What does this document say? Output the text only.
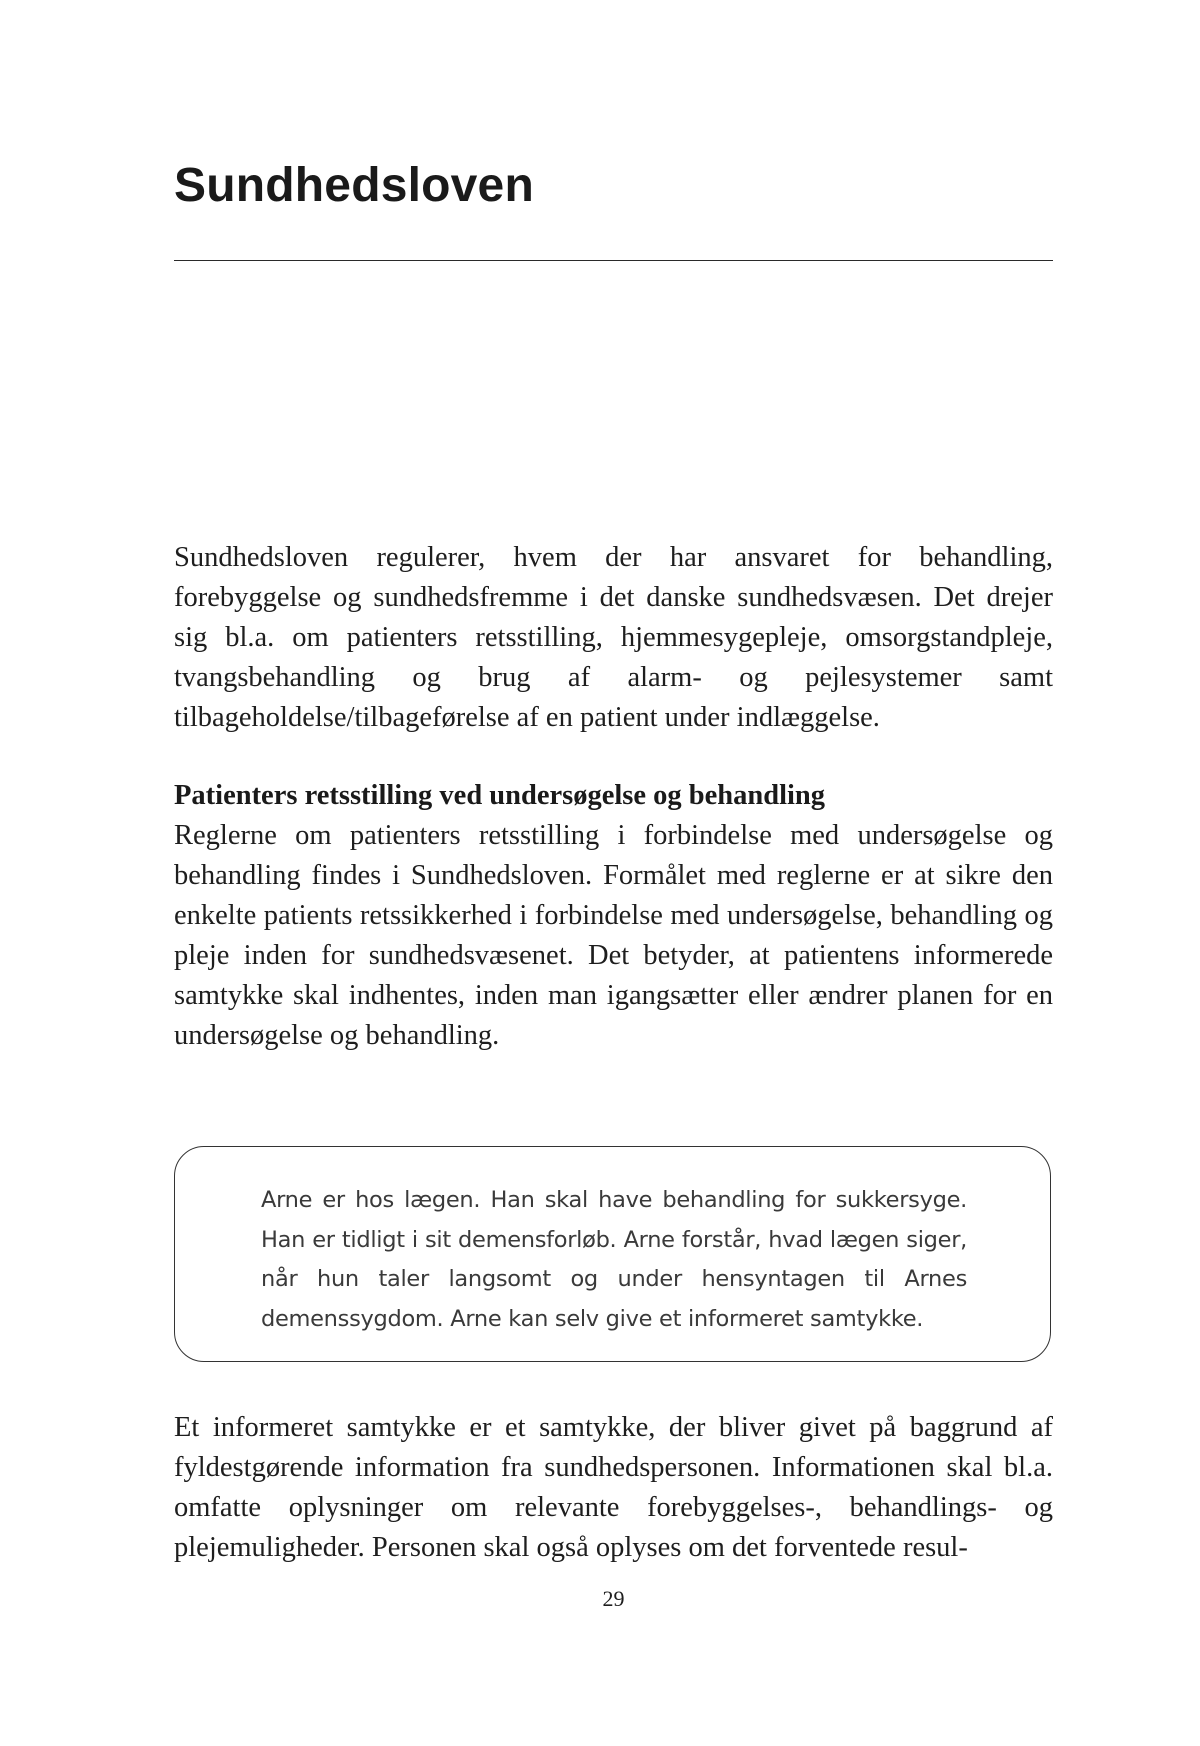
Sundhedsloven

Sundhedsloven regulerer, hvem der har ansvaret for behandling, forebyggelse og sundhedsfremme i det danske sundhedsvæsen. Det drejer sig bl.a. om patienters retsstilling, hjemmesygepleje, omsorgstandpleje, tvangsbehandling og brug af alarm- og pejlesystemer samt tilbageholdelse/tilbageførelse af en patient under indlæggelse.

Patienters retsstilling ved undersøgelse og behandling

Reglerne om patienters retsstilling i forbindelse med undersøgelse og behandling findes i Sundhedsloven. Formålet med reglerne er at sikre den enkelte patients retssikkerhed i forbindelse med undersøgelse, behandling og pleje inden for sundhedsvæsenet. Det betyder, at patientens informerede samtykke skal indhentes, inden man igangsætter eller ændrer planen for en undersøgelse og behandling.

Arne er hos lægen. Han skal have behandling for sukkersyge. Han er tidligt i sit demensforløb. Arne forstår, hvad lægen siger, når hun taler langsomt og under hensyntagen til Arnes demenssygdom. Arne kan selv give et informeret samtykke.

Et informeret samtykke er et samtykke, der bliver givet på baggrund af fyldestgørende information fra sundhedspersonen. Informationen skal bl.a. omfatte oplysninger om relevante forebyggelses-, behandlings- og plejemuligheder. Personen skal også oplyses om det forventede resul-

29
